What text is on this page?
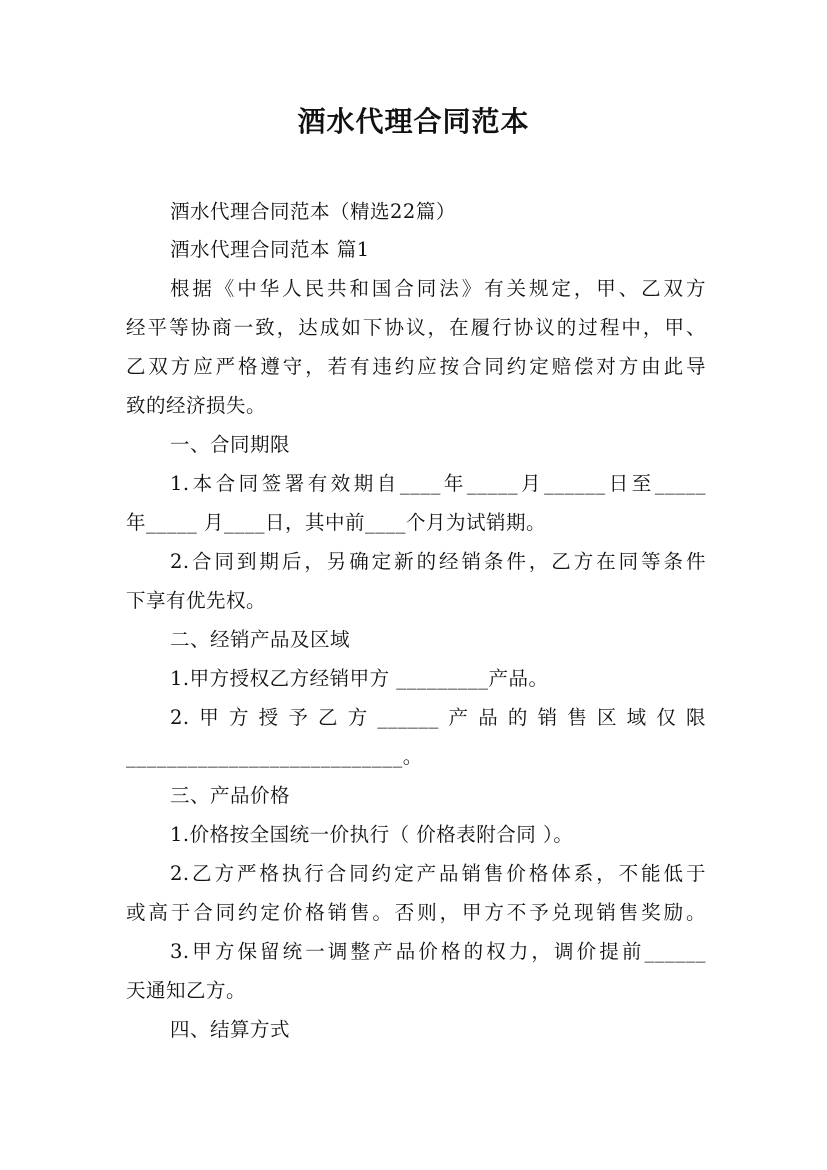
酒水代理合同范本
酒水代理合同范本（精选22篇）
酒水代理合同范本 篇1
根据《中华人民共和国合同法》有关规定，甲、乙双方
经平等协商一致，达成如下协议，在履行协议的过程中，甲、
乙双方应严格遵守，若有违约应按合同约定赔偿对方由此导
致的经济损失。
一、合同期限
1.本合同签署有效期自____年_____月______日至_____
年_____ 月____日，其中前____个月为试销期。
2.合同到期后，另确定新的经销条件，乙方在同等条件
下享有优先权。
二、经销产品及区域
1.甲方授权乙方经销甲方 _________产品。
2.甲方授予乙方______产品的销售区域仅限
___________________________。
三、产品价格
1.价格按全国统一价执行（ 价格表附合同 ）。
2.乙方严格执行合同约定产品销售价格体系，不能低于
或高于合同约定价格销售。否则，甲方不予兑现销售奖励。
3.甲方保留统一调整产品价格的权力，调价提前______
天通知乙方。
四、结算方式
